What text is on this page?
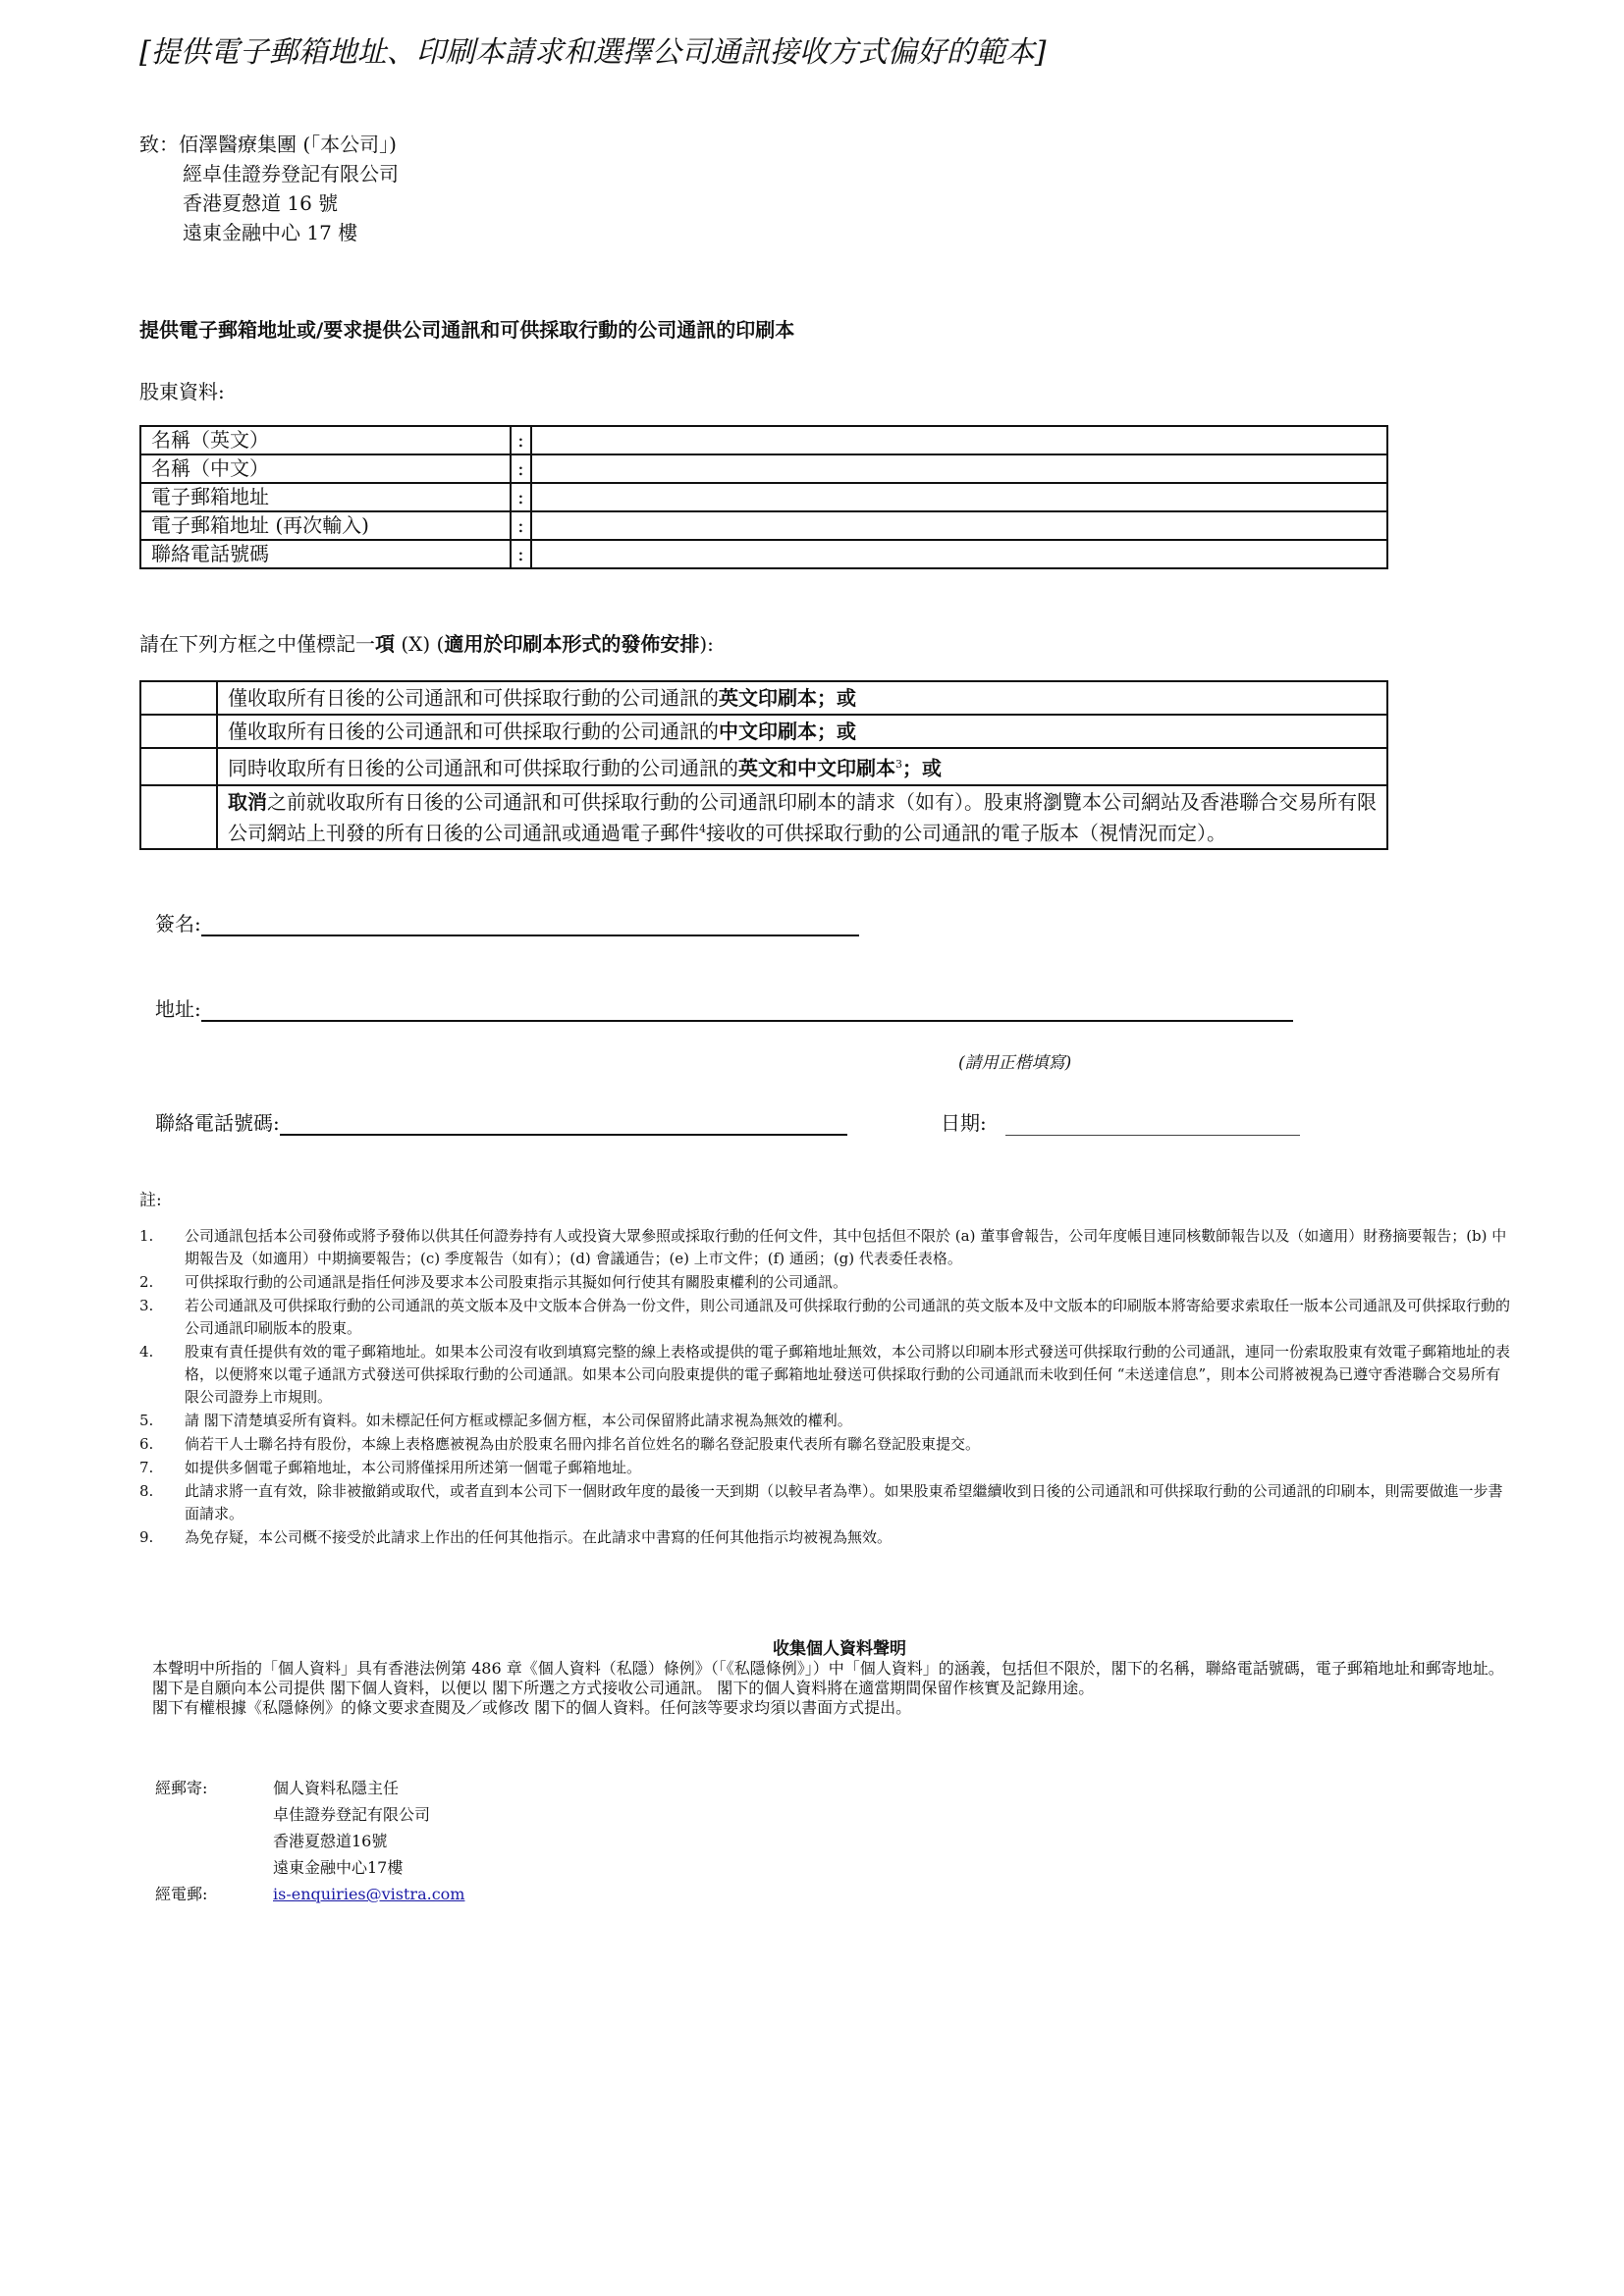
[提供電子郵箱地址、印刷本請求和選擇公司通訊接收方式偏好的範本]
致：佰澤醫療集團 (「本公司」)
經卓佳證券登記有限公司
香港夏慤道 16 號
遠東金融中心 17 樓
提供電子郵箱地址或/要求提供公司通訊和可供採取行動的公司通訊的印刷本
股東資料:
名稱（英文）	:	
名稱（中文）	:	
電子郵箱地址	:	
電子郵箱地址 (再次輸入)	:	
聯絡電話號碼	:	
請在下列方框之中僅標記一項 (X) (適用於印刷本形式的發佈安排):
	僅收取所有日後的公司通訊和可供採取行動的公司通訊的英文印刷本；或
	僅收取所有日後的公司通訊和可供採取行動的公司通訊的中文印刷本；或
	同時收取所有日後的公司通訊和可供採取行動的公司通訊的英文和中文印刷本$^3$；或
	取消之前就收取所有日後的公司通訊和可供採取行動的公司通訊印刷本的請求（如有）。股東將瀏覽本公司網站及香港聯合交易所有限公司網站上刊發的所有日後的公司通訊或通過電子郵件$^4$接收的可供採取行動的公司通訊的電子版本（視情況而定）。
簽名:
地址:
(請用正楷填寫)
聯絡電話號碼:	日期:
註:
1.	公司通訊包括本公司發佈或將予發佈以供其任何證券持有人或投資大眾參照或採取行動的任何文件，其中包括但不限於 (a) 董事會報告，公司年度帳目連同核數師報告以及（如適用）財務摘要報告；(b) 中期報告及（如適用）中期摘要報告；(c) 季度報告（如有）；(d) 會議通告；(e) 上市文件；(f) 通函；(g) 代表委任表格。
2.	可供採取行動的公司通訊是指任何涉及要求本公司股東指示其擬如何行使其有關股東權利的公司通訊。
3.	若公司通訊及可供採取行動的公司通訊的英文版本及中文版本合併為一份文件，則公司通訊及可供採取行動的公司通訊的英文版本及中文版本的印刷版本將寄給要求索取任一版本公司通訊及可供採取行動的公司通訊印刷版本的股東。
4.	股東有責任提供有效的電子郵箱地址。如果本公司沒有收到填寫完整的線上表格或提供的電子郵箱地址無效，本公司將以印刷本形式發送可供採取行動的公司通訊，連同一份索取股東有效電子郵箱地址的表格，以便將來以電子通訊方式發送可供採取行動的公司通訊。如果本公司向股東提供的電子郵箱地址發送可供採取行動的公司通訊而未收到任何 “未送達信息”，則本公司將被視為已遵守香港聯合交易所有限公司證券上市規則。
5.	請 閣下清楚填妥所有資料。如未標記任何方框或標記多個方框，本公司保留將此請求視為無效的權利。
6.	倘若干人士聯名持有股份，本線上表格應被視為由於股東名冊內排名首位姓名的聯名登記股東代表所有聯名登記股東提交。
7.	如提供多個電子郵箱地址，本公司將僅採用所述第一個電子郵箱地址。
8.	此請求將一直有效，除非被撤銷或取代，或者直到本公司下一個財政年度的最後一天到期（以較早者為準）。如果股東希望繼續收到日後的公司通訊和可供採取行動的公司通訊的印刷本，則需要做進一步書面請求。
9.	為免存疑，本公司概不接受於此請求上作出的任何其他指示。在此請求中書寫的任何其他指示均被視為無效。
收集個人資料聲明
本聲明中所指的「個人資料」具有香港法例第 486 章《個人資料（私隱）條例》（「《私隱條例》」）中「個人資料」的涵義，包括但不限於，閣下的名稱，聯絡電話號碼，電子郵箱地址和郵寄地址。
閣下是自願向本公司提供 閣下個人資料，以便以 閣下所選之方式接收公司通訊。 閣下的個人資料將在適當期間保留作核實及記錄用途。
閣下有權根據《私隱條例》的條文要求查閱及／或修改 閣下的個人資料。任何該等要求均須以書面方式提出。
經郵寄:	個人資料私隱主任
卓佳證券登記有限公司
香港夏慤道16號
遠東金融中心17樓
經電郵:	is-enquiries@vistra.com
